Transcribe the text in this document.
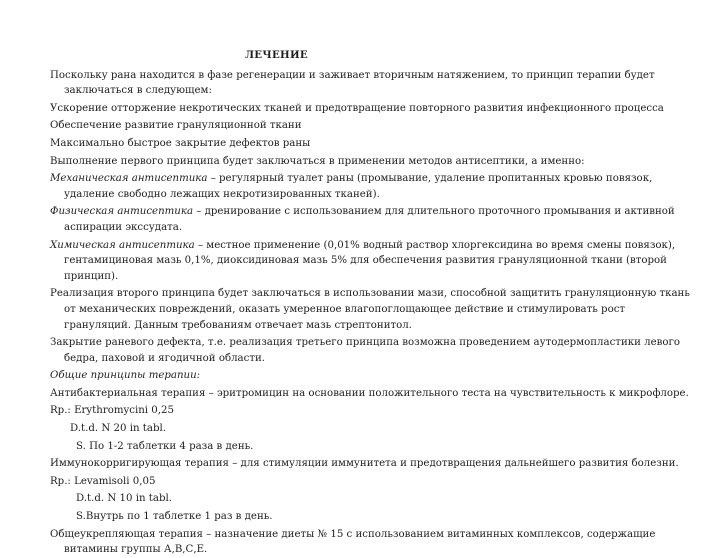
ЛЕЧЕНИЕ
Поскольку рана находится в фазе регенерации и заживает вторичным натяжением, то принцип терапии будет заключаться в следующем:
Ускорение отторжение некротических тканей и предотвращение повторного развития инфекционного процесса
Обеспечение развитие грануляционной ткани
Максимально быстрое закрытие дефектов раны
Выполнение первого принципа будет заключаться в применении методов антисептики, а именно:
Механическая антисептика – регулярный туалет раны (промывание, удаление пропитанных кровью повязок, удаление свободно лежащих некротизированных тканей).
Физическая антисептика – дренирование с использованием для длительного проточного промывания и активной аспирации экссудата.
Химическая антисептика – местное применение (0,01% водный раствор хлоргексидина во время смены повязок), гентамициновая мазь 0,1%, диоксидиновая мазь 5% для обеспечения развития грануляционной ткани (второй принцип).
Реализация второго принципа будет заключаться в использовании мази, способной защитить грануляционную ткань от механических повреждений, оказать умеренное влагопоглощающее действие и стимулировать рост грануляций. Данным требованиям отвечает мазь стрептонитол.
Закрытие раневого дефекта, т.е. реализация третьего принципа возможна проведением аутодермопластики левого бедра, паховой и ягодичной области.
Общие принципы терапии:
Антибактериальная терапия – эритромицин на основании положительного теста на чувствительность к микрофлоре.
Rp.: Erythromycini 0,25
D.t.d. N 20 in tabl.
S. По 1-2 таблетки 4 раза в день.
Иммунокорригирующая терапия – для стимуляции иммунитета и предотвращения дальнейшего развития болезни.
Rp.: Levamisoli 0,05
D.t.d. N 10 in tabl.
S.Внутрь по 1 таблетке 1 раз в день.
Общеукрепляющая терапия – назначение диеты № 15 с использованием витаминных комплексов, содержащие витамины группы А,В,С,Е.
